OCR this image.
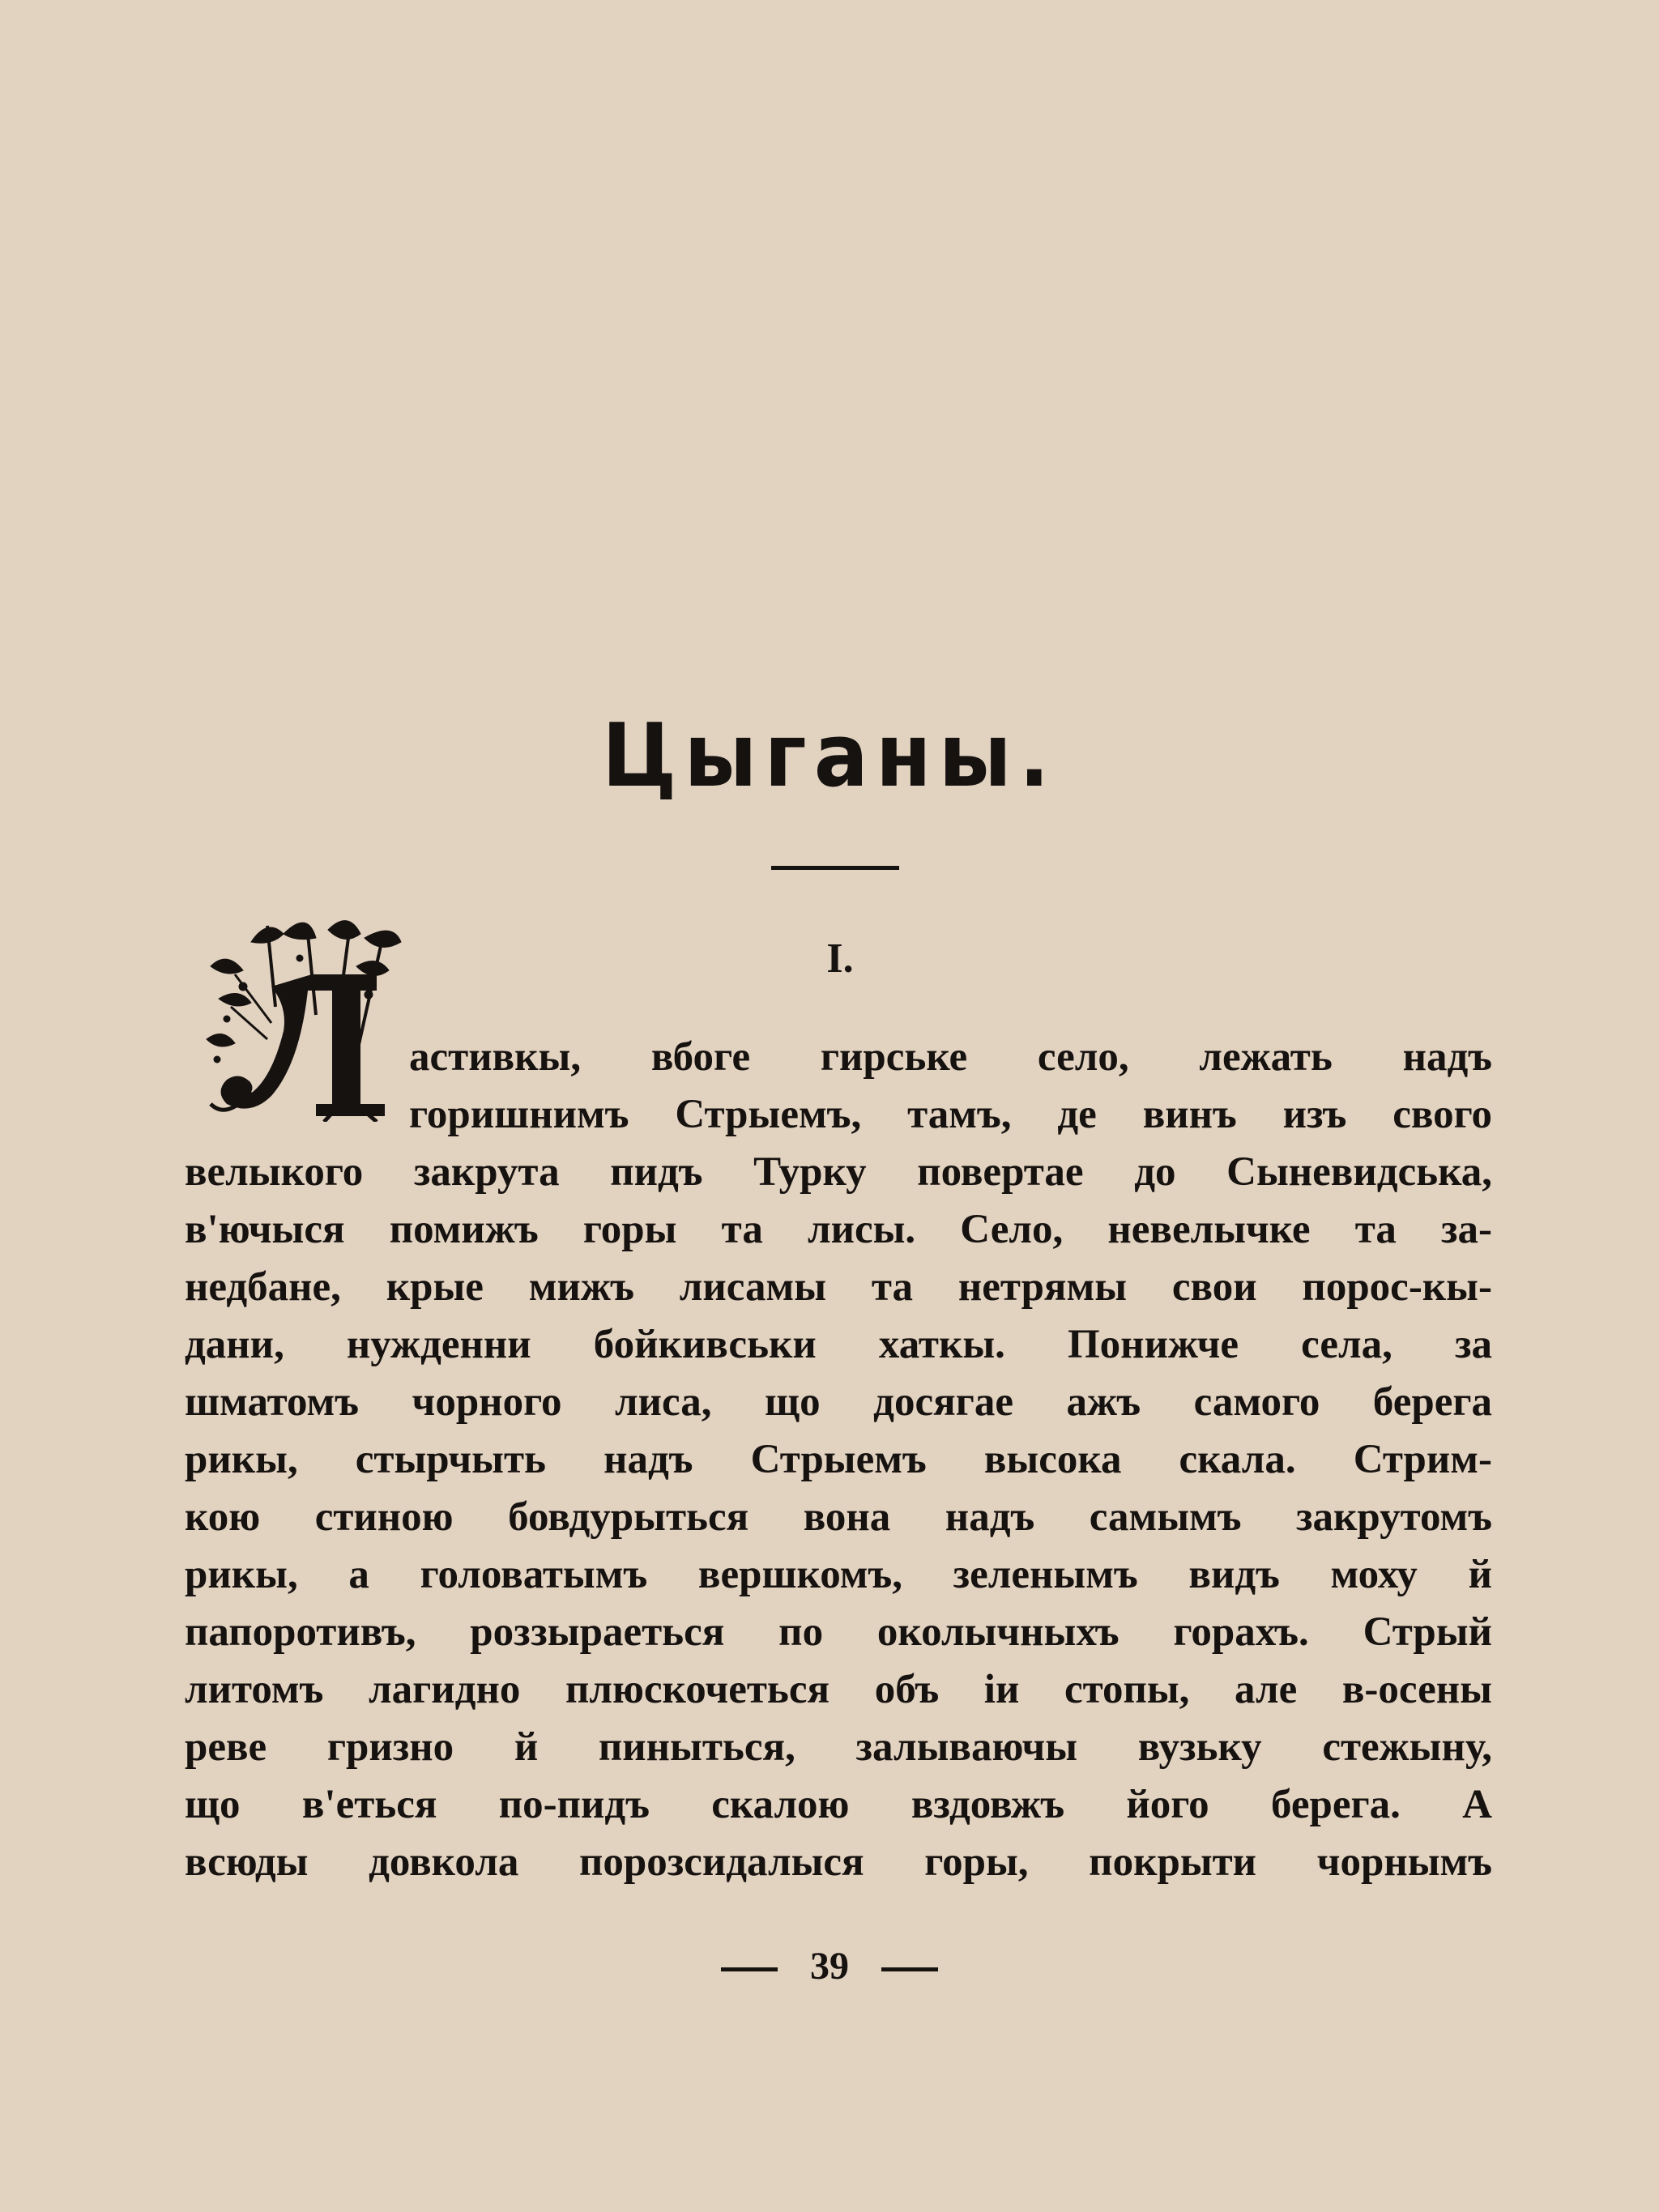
Цыганы.
I.
астивкы, вбоге гирське село, лежать надъ
горишнимъ Стрыемъ, тамъ, де винъ изъ свого
велыкого закрута пидъ Турку повертае до Сыневидська,
в'ючыся помижъ горы та лисы. Село, невелычке та за-
недбане, крые мижъ лисамы та нетрямы свои порос-кы-
дани, нужденни бойкивськи хаткы. Понижче села, за
шматомъ чорного лиса, що досягае ажъ самого берега
рикы, стырчыть надъ Стрыемъ высока скала. Стрим-
кою стиною бовдурыться вона надъ самымъ закрутомъ
рикы, а головатымъ вершкомъ, зеленымъ видъ моху й
папоротивъ, роззыраеться по околычныхъ горахъ. Стрый
литомъ лагидно плюскочеться объ іи стопы, але в-осены
реве гризно й пиныться, залываючы вузьку стежыну,
що в'еться по-пидъ скалою вздовжъ його берега. А
всюды довкола порозсидалыся горы, покрыти чорнымъ
39
